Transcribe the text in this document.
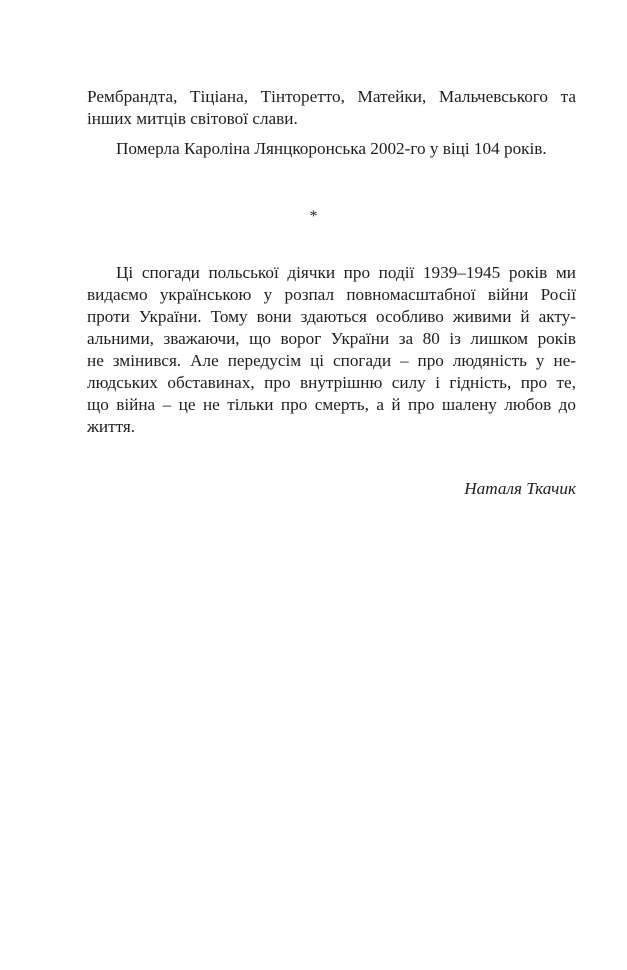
Рембрандта, Тіціана, Тінторетто, Матейки, Мальчевського та
інших митців світової слави.
Померла Кароліна Лянцкоронська 2002-го у віці 104 років.
*
Ці спогади польської діячки про події 1939–1945 років ми
видаємо українською у розпал повномасштабної війни Росії
проти України. Тому вони здаються особливо живими й акту-
альними, зважаючи, що ворог України за 80 із лишком років
не змінився. Але передусім ці спогади – про людяність у не-
людських обставинах, про внутрішню силу і гідність, про те,
що війна – це не тільки про смерть, а й про шалену любов до
життя.
Наталя Ткачик
